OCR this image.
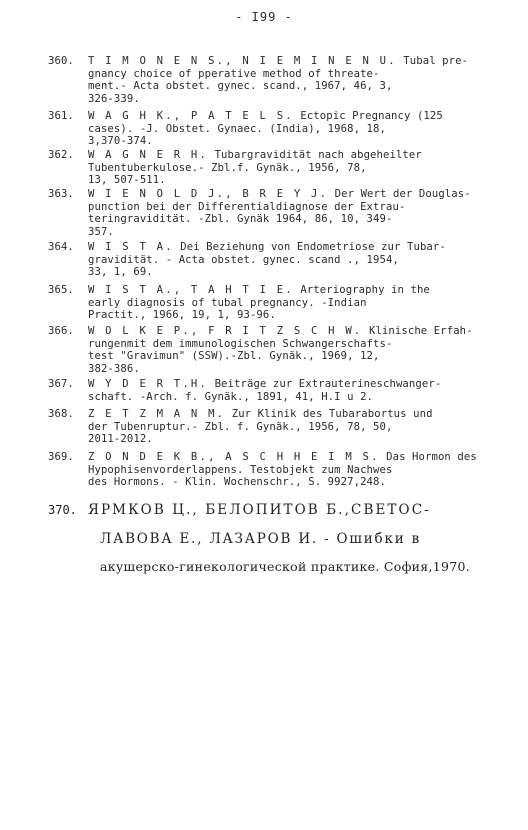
- I99 -
360. T I M O N E N S., N I E M I N E N U. Tubal pre-
gnancy choice of pperative method of threate-
ment.- Acta obstet. gynec. scand., 1967, 46, 3,
326-339.
361. W A G H K., P A T E L S. Ectopic Pregnancy (125
cases). -J. Obstet. Gynaec. (India), 1968, 18,
3,370-374.
362. W A G N E R H. Tubargravidität nach abgeheilter
Tubentuberkulose.- Zbl.f. Gynäk., 1956, 78,
13, 507-511.
363. W I E N O L D J., B R E Y J. Der Wert der Douglas-
punction bei der Differentialdiagnose der Extrau-
teringravidität. -Zbl. Gynäk 1964, 86, 10, 349-
357.
364. W I S T A. Dei Beziehung von Endometriose zur Tubar-
gravidität. - Acta obstet. gynec. scand ., 1954,
33, 1, 69.
365. W I S T A., T A H T I E. Arteriography in the
early diagnosis of tubal pregnancy. -Indian
Practit., 1966, 19, 1, 93-96.
366. W O L K E P., F R I T Z S C H W. Klinische Erfah-
rungenmit dem immunologischen Schwangerschafts-
test "Gravimun" (SSW).-Zbl. Gynäk., 1969, 12,
382-386.
367. W Y D E R T.H. Beiträge zur Extrauterineschwanger-
schaft. -Arch. f. Gynäk., 1891, 41, H.I u 2.
368. Z E T Z M A N M. Zur Klinik des Tubarabortus und
der Tubenruptur.- Zbl. f. Gynäk., 1956, 78, 50,
2011-2012.
369. Z O N D E K B., A S C H H E I M S. Das Hormon des
Hypophisenvorderlappens. Testobjekt zum Nachwes
des Hormons. - Klin. Wochenschr., S. 9927,248.
370. ЯРМКОВ Ц., БЕЛОПИТОВ Б.,СВЕТОС-
ЛАВОВА Е., ЛАЗАРОВ И. - Ошибки в
акушерско-гинекологической практике. София,1970.
